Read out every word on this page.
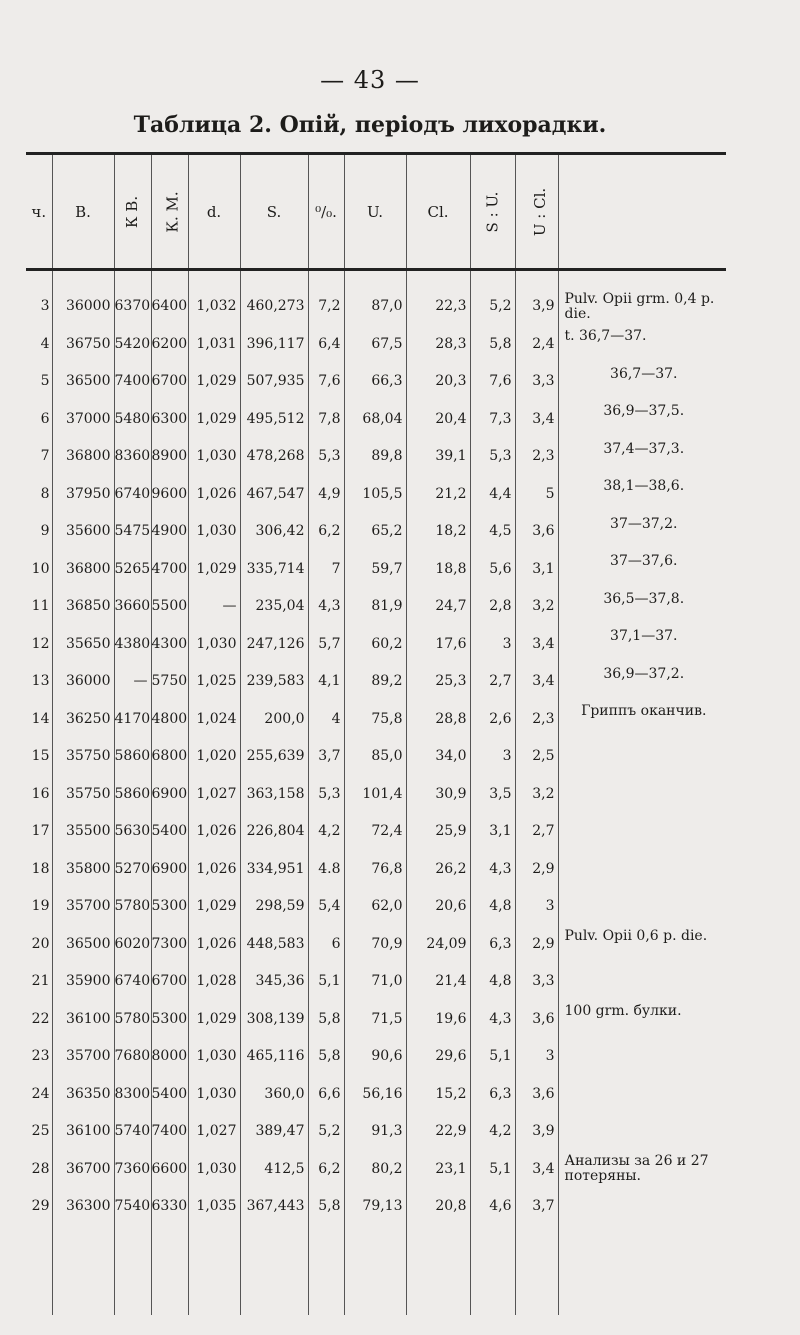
— 43 —
Таблица 2. Опій, періодъ лихорадки.
ч.	В.	К В.	К. М.	d.	S.	⁰/₀.	U.	Cl.	S : U.	U : Cl.	

3	36000	6370	6400	1,032	460,273	7,2	87,0	22,3	5,2	3,9	Pulv. Opii grm. 0,4 p. die.
4	36750	5420	6200	1,031	396,117	6,4	67,5	28,3	5,8	2,4	t. 36,7—37.
5	36500	7400	6700	1,029	507,935	7,6	66,3	20,3	7,6	3,3	36,7—37.
6	37000	5480	6300	1,029	495,512	7,8	68,04	20,4	7,3	3,4	36,9—37,5.
7	36800	8360	8900	1,030	478,268	5,3	89,8	39,1	5,3	2,3	37,4—37,3.
8	37950	6740	9600	1,026	467,547	4,9	105,5	21,2	4,4	5	38,1—38,6.
9	35600	5475	4900	1,030	306,42	6,2	65,2	18,2	4,5	3,6	37—37,2.
10	36800	5265	4700	1,029	335,714	7	59,7	18,8	5,6	3,1	37—37,6.
11	36850	3660	5500	—	235,04	4,3	81,9	24,7	2,8	3,2	36,5—37,8.
12	35650	4380	4300	1,030	247,126	5,7	60,2	17,6	3	3,4	37,1—37.
13	36000	—	5750	1,025	239,583	4,1	89,2	25,3	2,7	3,4	36,9—37,2.
14	36250	4170	4800	1,024	200,0	4	75,8	28,8	2,6	2,3	Гриппъ оканчив.
15	35750	5860	6800	1,020	255,639	3,7	85,0	34,0	3	2,5	
16	35750	5860	6900	1,027	363,158	5,3	101,4	30,9	3,5	3,2	
17	35500	5630	5400	1,026	226,804	4,2	72,4	25,9	3,1	2,7	
18	35800	5270	6900	1,026	334,951	4.8	76,8	26,2	4,3	2,9	
19	35700	5780	5300	1,029	298,59	5,4	62,0	20,6	4,8	3	
20	36500	6020	7300	1,026	448,583	6	70,9	24,09	6,3	2,9	Pulv. Opii 0,6 p. die.
21	35900	6740	6700	1,028	345,36	5,1	71,0	21,4	4,8	3,3	
22	36100	5780	5300	1,029	308,139	5,8	71,5	19,6	4,3	3,6	100 grm. булки.
23	35700	7680	8000	1,030	465,116	5,8	90,6	29,6	5,1	3	
24	36350	8300	5400	1,030	360,0	6,6	56,16	15,2	6,3	3,6	
25	36100	5740	7400	1,027	389,47	5,2	91,3	22,9	4,2	3,9	
28	36700	7360	6600	1,030	412,5	6,2	80,2	23,1	5,1	3,4	Анализы за 26 и 27 потеряны.
29	36300	7540	6330	1,035	367,443	5,8	79,13	20,8	4,6	3,7	
